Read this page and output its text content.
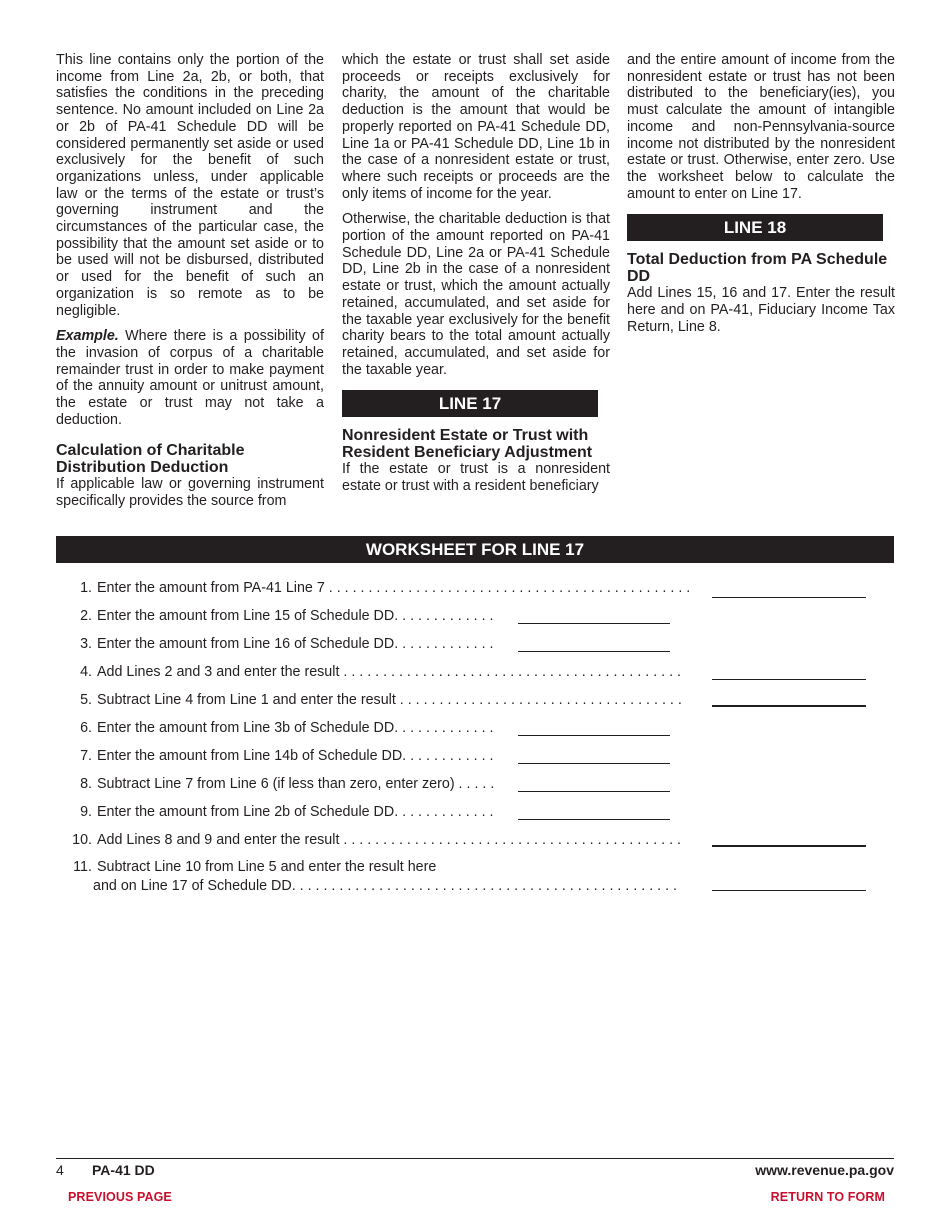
This line contains only the portion of the income from Line 2a, 2b, or both, that satisfies the conditions in the preceding sentence. No amount included on Line 2a or 2b of PA-41 Schedule DD will be considered permanently set aside or used exclusively for the benefit of such organizations unless, under applicable law or the terms of the estate or trust’s governing instrument and the circumstances of the particular case, the possibility that the amount set aside or to be used will not be disbursed, distributed or used for the benefit of such an organization is so remote as to be negligible.

Example. Where there is a possibility of the invasion of corpus of a charitable remainder trust in order to make payment of the annuity amount or unitrust amount, the estate or trust may not take a deduction.

Calculation of Charitable Distribution Deduction

If applicable law or governing instrument specifically provides the source from

which the estate or trust shall set aside proceeds or receipts exclusively for charity, the amount of the charitable deduction is the amount that would be properly reported on PA-41 Schedule DD, Line 1a or PA-41 Schedule DD, Line 1b in the case of a nonresident estate or trust, where such receipts or proceeds are the only items of income for the year.

Otherwise, the charitable deduction is that portion of the amount reported on PA-41 Schedule DD, Line 2a or PA-41 Schedule DD, Line 2b in the case of a nonresident estate or trust, which the amount actually retained, accumulated, and set aside for the taxable year exclusively for the benefit charity bears to the total amount actually retained, accumulated, and set aside for the taxable year.

LINE 17
Nonresident Estate or Trust with Resident Beneficiary Adjustment

If the estate or trust is a nonresident estate or trust with a resident beneficiary

and the entire amount of income from the nonresident estate or trust has not been distributed to the beneficiary(ies), you must calculate the amount of intangible income and non-Pennsylvania-source income not distributed by the nonresident estate or trust. Otherwise, enter zero. Use the worksheet below to calculate the amount to enter on Line 17.

LINE 18
Total Deduction from PA Schedule DD

Add Lines 15, 16 and 17. Enter the result here and on PA-41, Fiduciary Income Tax Return, Line 8.

WORKSHEET FOR LINE 17
1. Enter the amount from PA-41 Line 7 . . . . . . . . . . . . . . . . . . . . . . . . . . . . . . . . . . . . . . . . . . . . . .
2. Enter the amount from Line 15 of Schedule DD. . . . . . . . . . . . .
3. Enter the amount from Line 16 of Schedule DD. . . . . . . . . . . . .
4. Add Lines 2 and 3 and enter the result . . . . . . . . . . . . . . . . . . . . . . . . . . . . . . . . . . . . . . . . . . .
5. Subtract Line 4 from Line 1 and enter the result . . . . . . . . . . . . . . . . . . . . . . . . . . . . . . . . . . . .
6. Enter the amount from Line 3b of Schedule DD. . . . . . . . . . . . .
7. Enter the amount from Line 14b of Schedule DD. . . . . . . . . . . .
8. Subtract Line 7 from Line 6 (if less than zero, enter zero) . . . . .
9. Enter the amount from Line 2b of Schedule DD. . . . . . . . . . . . .
10. Add Lines 8 and 9 and enter the result . . . . . . . . . . . . . . . . . . . . . . . . . . . . . . . . . . . . . . . . . . .
11. Subtract Line 10 from Line 5 and enter the result here
and on Line 17 of Schedule DD. . . . . . . . . . . . . . . . . . . . . . . . . . . . . . . . . . . . . . . . . . . . . . . . .
4 PA-41 DD	www.revenue.pa.gov
PREVIOUS PAGE	RETURN TO FORM
